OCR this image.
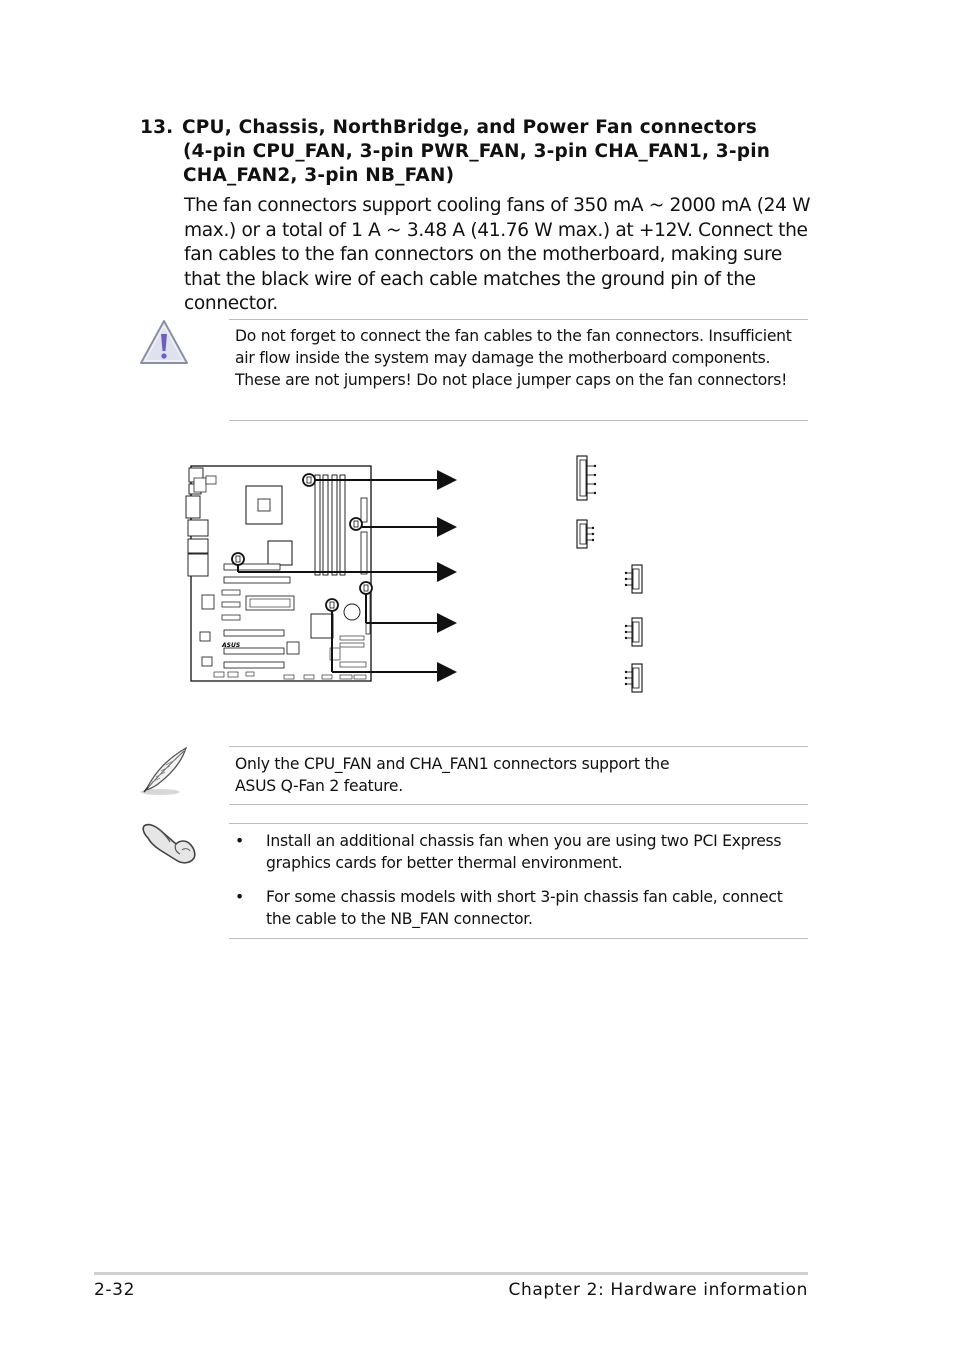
13. CPU, Chassis, NorthBridge, and Power Fan connectors
(4-pin CPU_FAN, 3-pin PWR_FAN, 3-pin CHA_FAN1, 3-pin
CHA_FAN2, 3-pin NB_FAN)
The fan connectors support cooling fans of 350 mA ~ 2000 mA (24 W max.) or a total of 1 A ~ 3.48 A (41.76 W max.) at +12V. Connect the fan cables to the fan connectors on the motherboard, making sure that the black wire of each cable matches the ground pin of the connector.
Do not forget to connect the fan cables to the fan connectors. Insufficient air flow inside the system may damage the motherboard components. These are not jumpers! Do not place jumper caps on the fan connectors!
ASUS
Only the CPU_FAN and CHA_FAN1 connectors support the
ASUS Q-Fan 2 feature.
• Install an additional chassis fan when you are using two PCI Express
graphics cards for better thermal environment.
• For some chassis models with short 3-pin chassis fan cable, connect
the cable to the NB_FAN connector.
2-32	Chapter 2: Hardware information
